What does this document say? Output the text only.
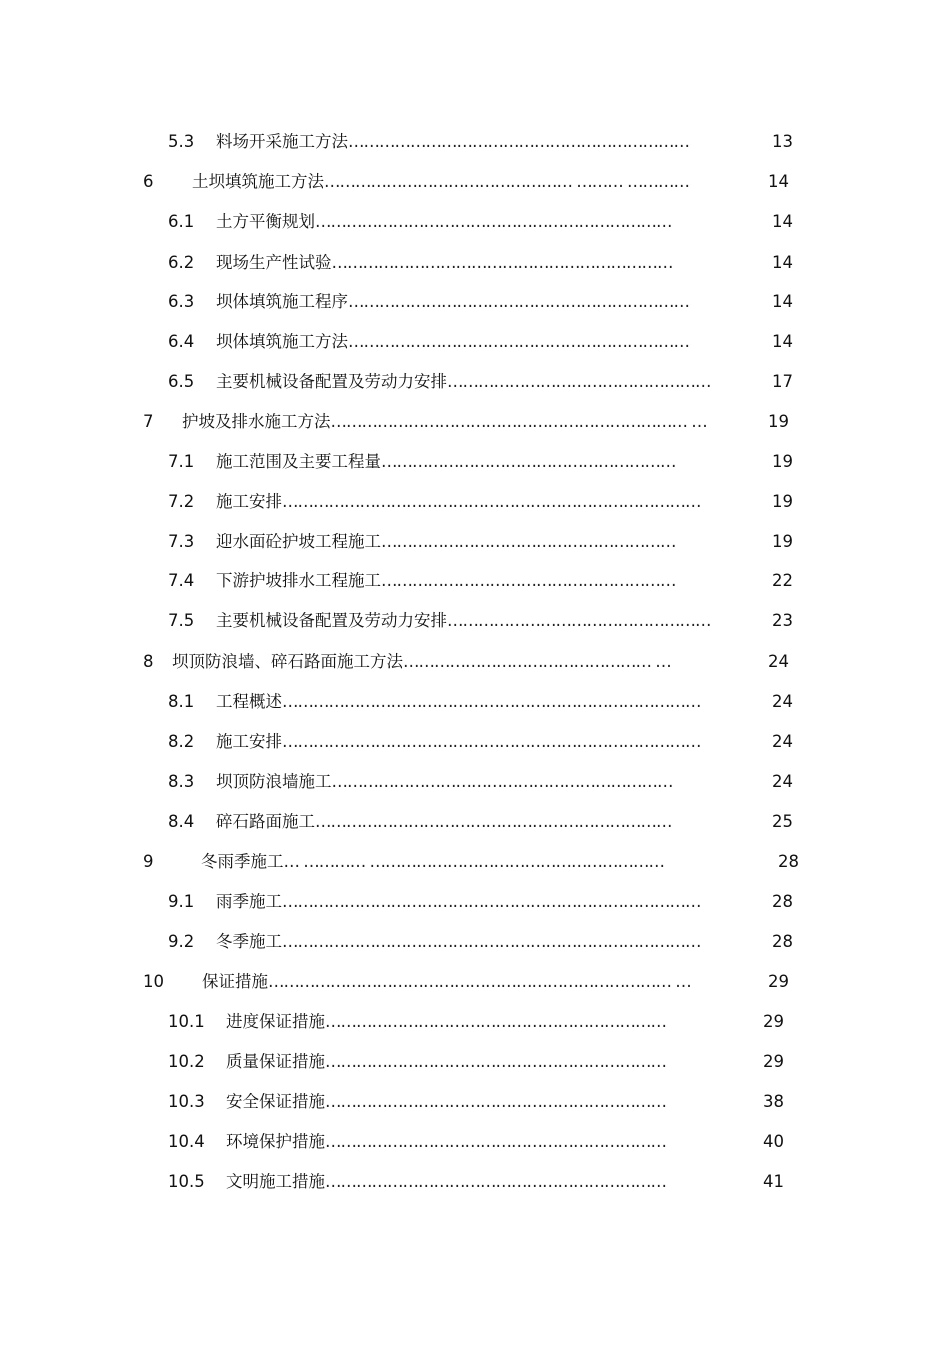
5.3 料场开采施工方法…………………………………………………………	13
6 土坝填筑施工方法………………………………………… ……… …………	14
6.1 土方平衡规划……………………………………………………………	14
6.2 现场生产性试验…………………………………………………………	14
6.3 坝体填筑施工程序…………………………………………………………	14
6.4 坝体填筑施工方法…………………………………………………………	14
6.5 主要机械设备配置及劳动力安排……………………………………………	17
7 护坡及排水施工方法…………………………………………………………… …	19
7.1 施工范围及主要工程量…………………………………………………	19
7.2 施工安排………………………………………………………………………	19
7.3 迎水面砼护坡工程施工…………………………………………………	19
7.4 下游护坡排水工程施工…………………………………………………	22
7.5 主要机械设备配置及劳动力安排……………………………………………	23
8 坝顶防浪墙、碎石路面施工方法………………………………………… …	24
8.1 工程概述………………………………………………………………………	24
8.2 施工安排………………………………………………………………………	24
8.3 坝顶防浪墙施工…………………………………………………………	24
8.4 碎石路面施工……………………………………………………………	25
9	冬雨季施工… ………… …………………………………………………	28
9.1 雨季施工………………………………………………………………………	28
9.2 冬季施工………………………………………………………………………	28
10 保证措施…………………………………………………………………… …	29
10.1 进度保证措施…………………………………………………………	29
10.2 质量保证措施…………………………………………………………	29
10.3 安全保证措施…………………………………………………………	38
10.4 环境保护措施…………………………………………………………	40
10.5 文明施工措施…………………………………………………………	41
